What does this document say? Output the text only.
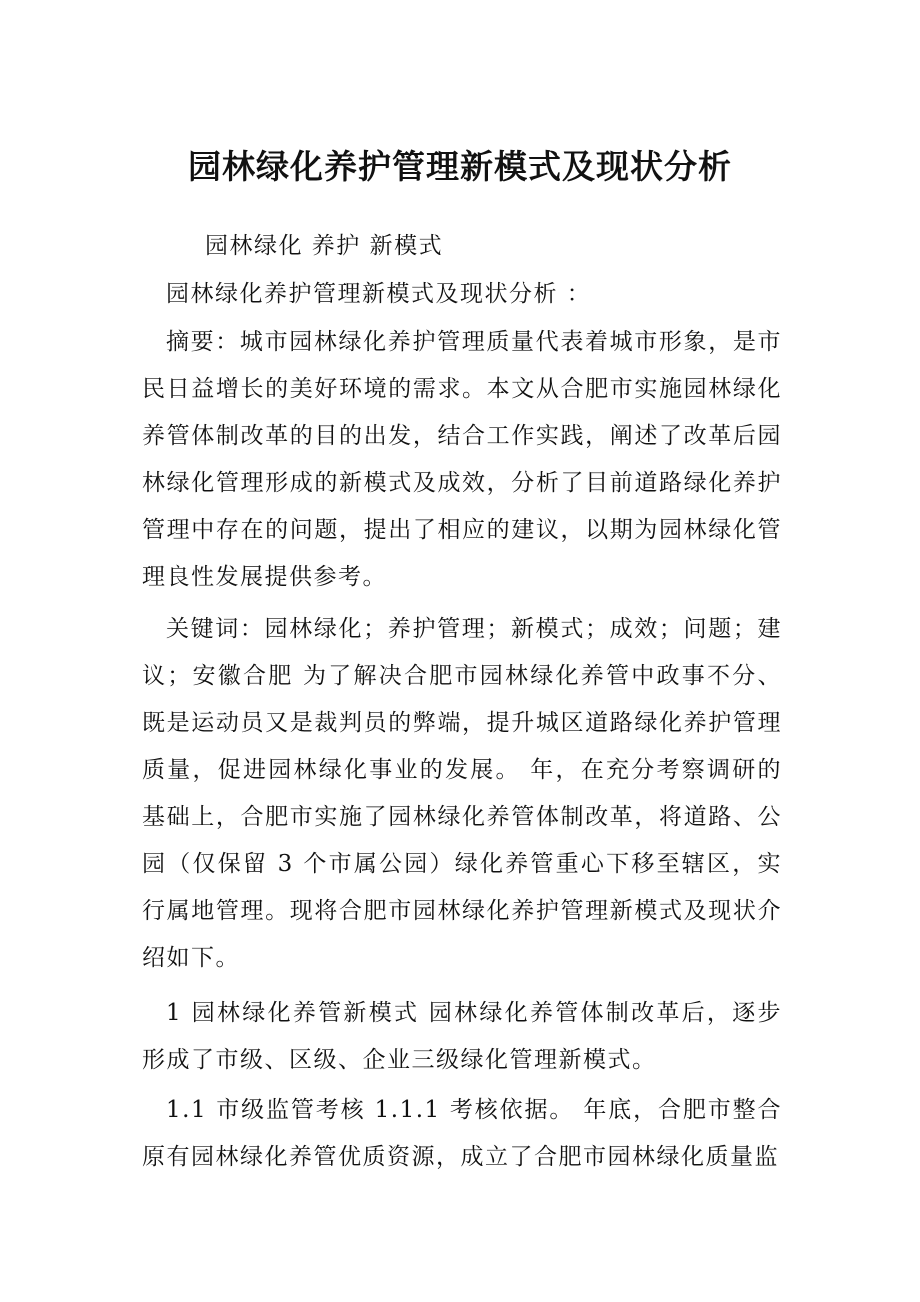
园林绿化养护管理新模式及现状分析

园林绿化 养护 新模式

园林绿化养护管理新模式及现状分析 ：

摘要：城市园林绿化养护管理质量代表着城市形象，是市民日益增长的美好环境的需求。本文从合肥市实施园林绿化养管体制改革的目的出发，结合工作实践，阐述了改革后园林绿化管理形成的新模式及成效，分析了目前道路绿化养护管理中存在的问题，提出了相应的建议，以期为园林绿化管理良性发展提供参考。

关键词：园林绿化；养护管理；新模式；成效；问题；建议；安徽合肥 为了解决合肥市园林绿化养管中政事不分、既是运动员又是裁判员的弊端，提升城区道路绿化养护管理质量，促进园林绿化事业的发展。 年，在充分考察调研的基础上，合肥市实施了园林绿化养管体制改革，将道路、公园（仅保留 3 个市属公园）绿化养管重心下移至辖区，实行属地管理。现将合肥市园林绿化养护管理新模式及现状介绍如下。

1 园林绿化养管新模式 园林绿化养管体制改革后，逐步形成了市级、区级、企业三级绿化管理新模式。

1.1 市级监管考核 1.1.1 考核依据。 年底，合肥市整合原有园林绿化养管优质资源，成立了合肥市园林绿化质量监
